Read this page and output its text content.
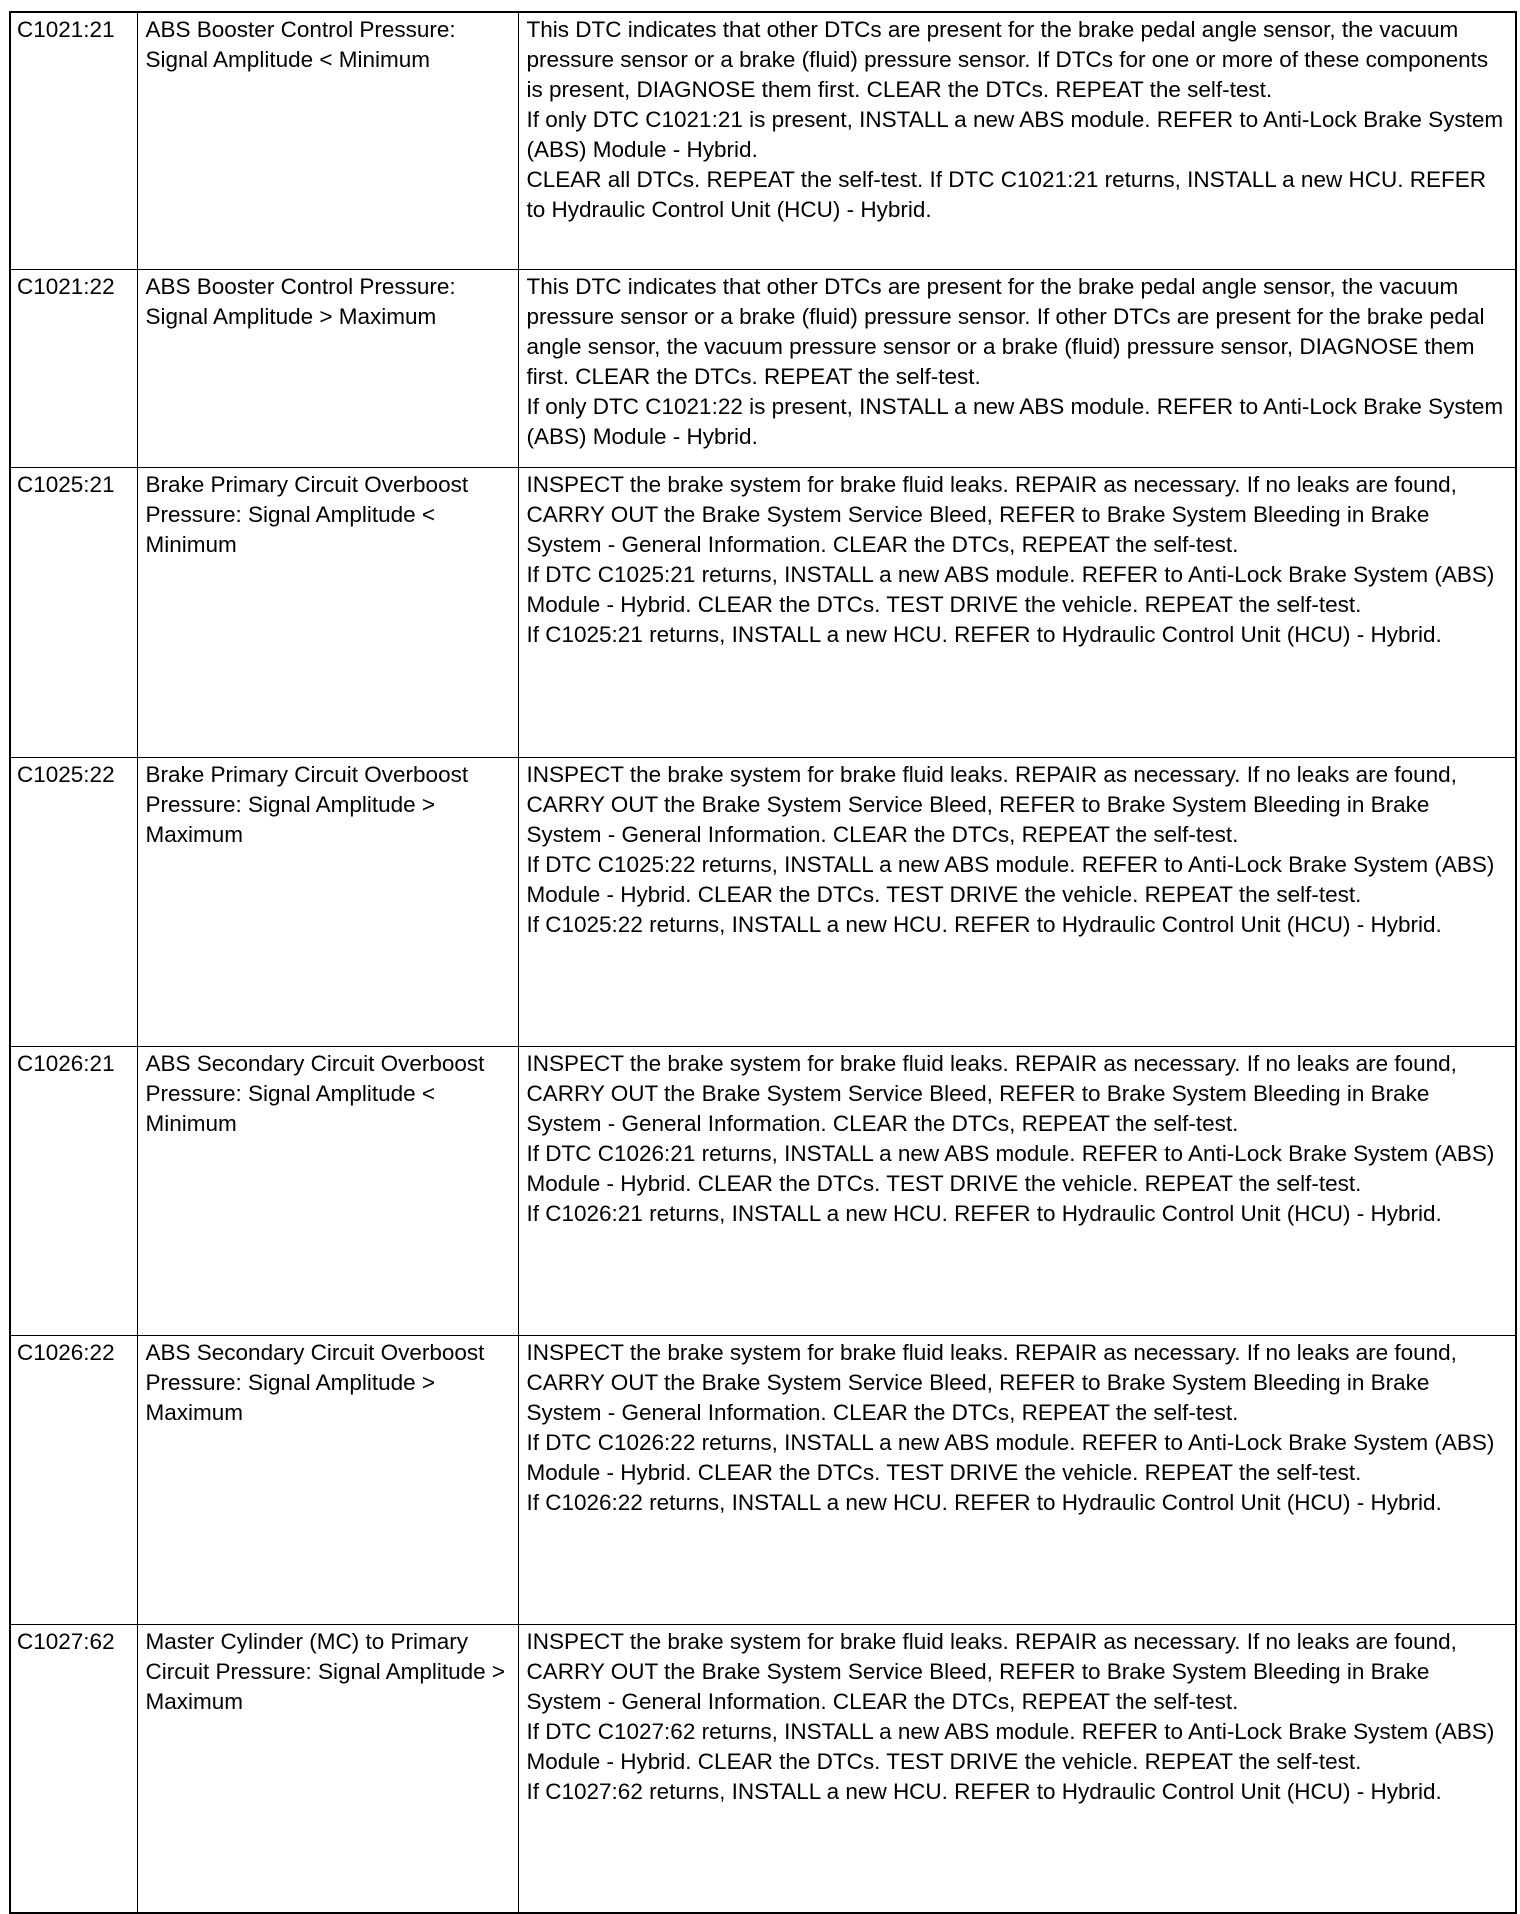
C1021:21	ABS Booster Control Pressure: Signal Amplitude < Minimum	This DTC indicates that other DTCs are present for the brake pedal angle sensor, the vacuum pressure sensor or a brake (fluid) pressure sensor. If DTCs for one or more of these components is present, DIAGNOSE them first. CLEAR the DTCs. REPEAT the self-test.
If only DTC C1021:21 is present, INSTALL a new ABS module. REFER to Anti-Lock Brake System (ABS) Module - Hybrid.
CLEAR all DTCs. REPEAT the self-test. If DTC C1021:21 returns, INSTALL a new HCU. REFER to Hydraulic Control Unit (HCU) - Hybrid.

C1021:22	ABS Booster Control Pressure: Signal Amplitude > Maximum	This DTC indicates that other DTCs are present for the brake pedal angle sensor, the vacuum pressure sensor or a brake (fluid) pressure sensor. If other DTCs are present for the brake pedal angle sensor, the vacuum pressure sensor or a brake (fluid) pressure sensor, DIAGNOSE them first. CLEAR the DTCs. REPEAT the self-test.
If only DTC C1021:22 is present, INSTALL a new ABS module. REFER to Anti-Lock Brake System (ABS) Module - Hybrid.

C1025:21	Brake Primary Circuit Overboost Pressure: Signal Amplitude < Minimum	INSPECT the brake system for brake fluid leaks. REPAIR as necessary. If no leaks are found, CARRY OUT the Brake System Service Bleed, REFER to Brake System Bleeding in Brake System - General Information. CLEAR the DTCs, REPEAT the self-test.
If DTC C1025:21 returns, INSTALL a new ABS module. REFER to Anti-Lock Brake System (ABS) Module - Hybrid. CLEAR the DTCs. TEST DRIVE the vehicle. REPEAT the self-test.
If C1025:21 returns, INSTALL a new HCU. REFER to Hydraulic Control Unit (HCU) - Hybrid.

C1025:22	Brake Primary Circuit Overboost Pressure: Signal Amplitude > Maximum	INSPECT the brake system for brake fluid leaks. REPAIR as necessary. If no leaks are found, CARRY OUT the Brake System Service Bleed, REFER to Brake System Bleeding in Brake System - General Information. CLEAR the DTCs, REPEAT the self-test.
If DTC C1025:22 returns, INSTALL a new ABS module. REFER to Anti-Lock Brake System (ABS) Module - Hybrid. CLEAR the DTCs. TEST DRIVE the vehicle. REPEAT the self-test.
If C1025:22 returns, INSTALL a new HCU. REFER to Hydraulic Control Unit (HCU) - Hybrid.

C1026:21	ABS Secondary Circuit Overboost Pressure: Signal Amplitude < Minimum	INSPECT the brake system for brake fluid leaks. REPAIR as necessary. If no leaks are found, CARRY OUT the Brake System Service Bleed, REFER to Brake System Bleeding in Brake System - General Information. CLEAR the DTCs, REPEAT the self-test.
If DTC C1026:21 returns, INSTALL a new ABS module. REFER to Anti-Lock Brake System (ABS) Module - Hybrid. CLEAR the DTCs. TEST DRIVE the vehicle. REPEAT the self-test.
If C1026:21 returns, INSTALL a new HCU. REFER to Hydraulic Control Unit (HCU) - Hybrid.

C1026:22	ABS Secondary Circuit Overboost Pressure: Signal Amplitude > Maximum	INSPECT the brake system for brake fluid leaks. REPAIR as necessary. If no leaks are found, CARRY OUT the Brake System Service Bleed, REFER to Brake System Bleeding in Brake System - General Information. CLEAR the DTCs, REPEAT the self-test.
If DTC C1026:22 returns, INSTALL a new ABS module. REFER to Anti-Lock Brake System (ABS) Module - Hybrid. CLEAR the DTCs. TEST DRIVE the vehicle. REPEAT the self-test.
If C1026:22 returns, INSTALL a new HCU. REFER to Hydraulic Control Unit (HCU) - Hybrid.

C1027:62	Master Cylinder (MC) to Primary Circuit Pressure: Signal Amplitude > Maximum	INSPECT the brake system for brake fluid leaks. REPAIR as necessary. If no leaks are found, CARRY OUT the Brake System Service Bleed, REFER to Brake System Bleeding in Brake System - General Information. CLEAR the DTCs, REPEAT the self-test.
If DTC C1027:62 returns, INSTALL a new ABS module. REFER to Anti-Lock Brake System (ABS) Module - Hybrid. CLEAR the DTCs. TEST DRIVE the vehicle. REPEAT the self-test.
If C1027:62 returns, INSTALL a new HCU. REFER to Hydraulic Control Unit (HCU) - Hybrid.
